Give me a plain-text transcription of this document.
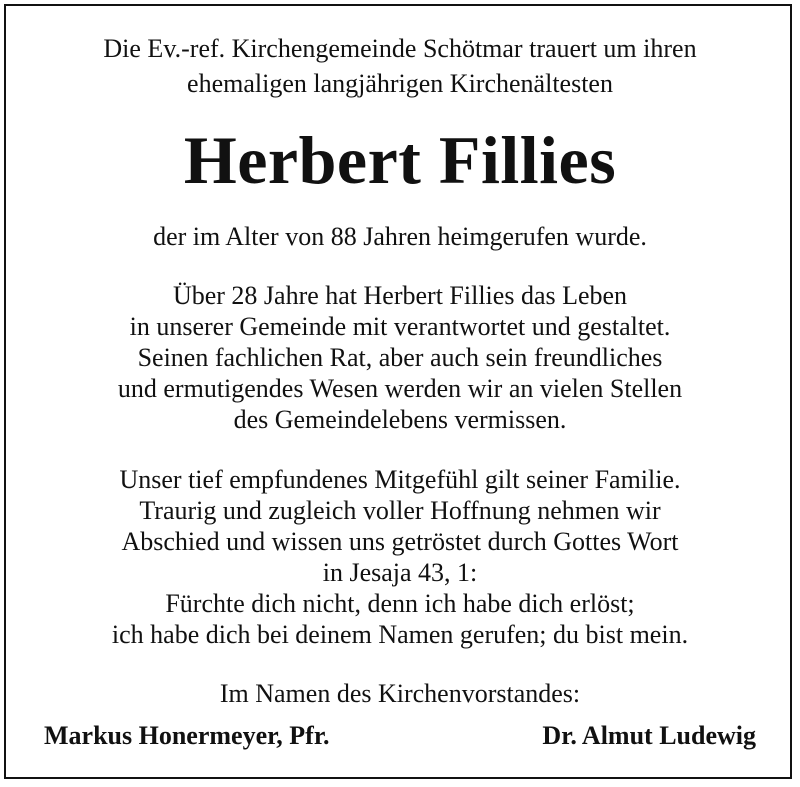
Die Ev.-ref. Kirchengemeinde Schötmar trauert um ihren
ehemaligen langjährigen Kirchenältesten
Herbert Fillies
der im Alter von 88 Jahren heimgerufen wurde.
Über 28 Jahre hat Herbert Fillies das Leben
in unserer Gemeinde mit verantwortet und gestaltet.
Seinen fachlichen Rat, aber auch sein freundliches
und ermutigendes Wesen werden wir an vielen Stellen
des Gemeindelebens vermissen.
Unser tief empfundenes Mitgefühl gilt seiner Familie.
Traurig und zugleich voller Hoffnung nehmen wir
Abschied und wissen uns getröstet durch Gottes Wort
in Jesaja 43, 1:
Fürchte dich nicht, denn ich habe dich erlöst;
ich habe dich bei deinem Namen gerufen; du bist mein.
Im Namen des Kirchenvorstandes:
Markus Honermeyer, Pfr.	Dr. Almut Ludewig
